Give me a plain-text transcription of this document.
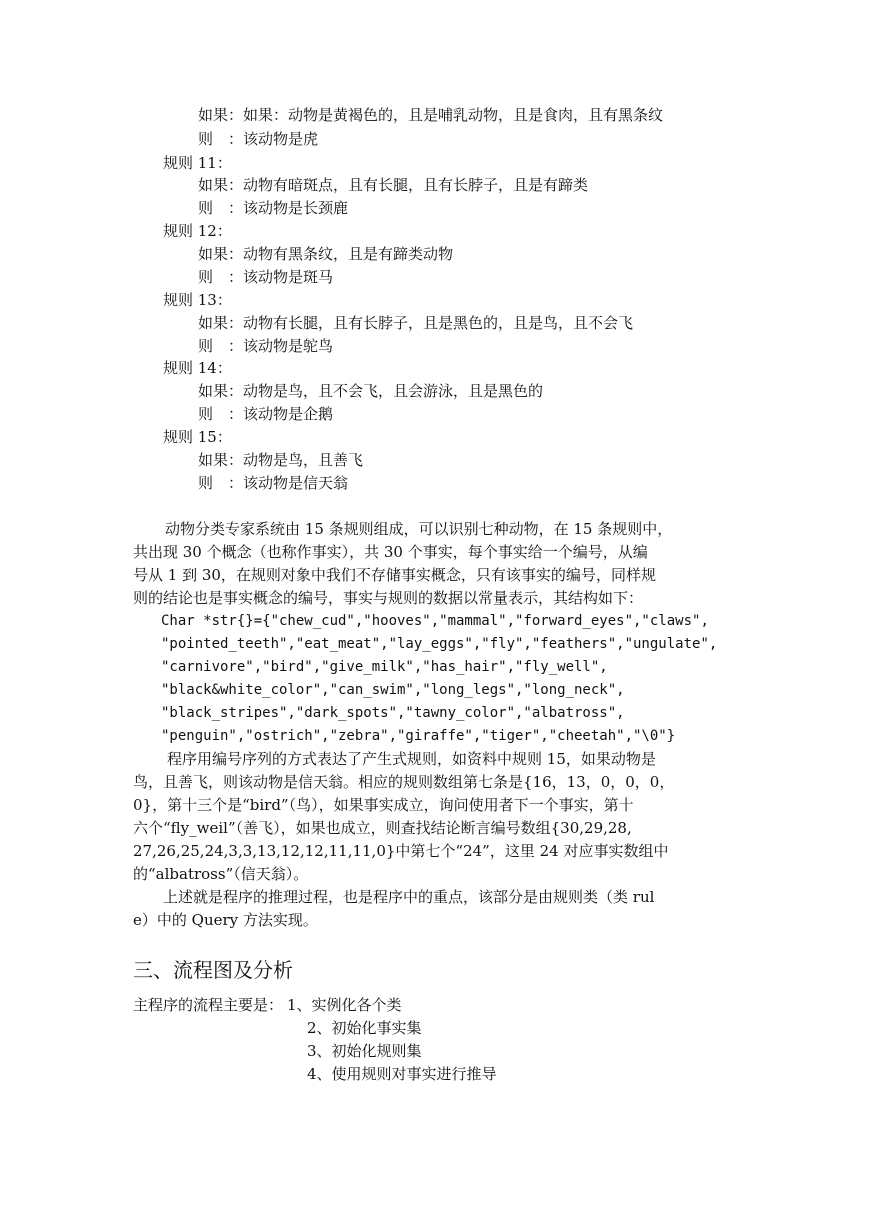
如果：如果：动物是黄褐色的，且是哺乳动物，且是食肉，且有黑条纹
则　：该动物是虎
规则 11：
如果：动物有暗斑点，且有长腿，且有长脖子，且是有蹄类
则　：该动物是长颈鹿
规则 12：
如果：动物有黑条纹，且是有蹄类动物
则　：该动物是斑马
规则 13：
如果：动物有长腿，且有长脖子，且是黑色的，且是鸟，且不会飞
则　：该动物是鸵鸟
规则 14：
如果：动物是鸟，且不会飞，且会游泳，且是黑色的
则　：该动物是企鹅
规则 15：
如果：动物是鸟，且善飞
则　：该动物是信天翁
　动物分类专家系统由 15 条规则组成，可以识别七种动物，在 15 条规则中，
共出现 30 个概念（也称作事实），共 30 个事实，每个事实给一个编号，从编
号从 1 到 30，在规则对象中我们不存储事实概念，只有该事实的编号，同样规
则的结论也是事实概念的编号，事实与规则的数据以常量表示，其结构如下：
Char *str{}={"chew_cud","hooves","mammal","forward_eyes","claws",
"pointed_teeth","eat_meat","lay_eggs","fly","feathers","ungulate",
"carnivore","bird","give_milk","has_hair","fly_well",
"black&white_color","can_swim","long_legs","long_neck",
"black_stripes","dark_spots","tawny_color","albatross",
"penguin","ostrich","zebra","giraffe","tiger","cheetah","\0"}
程序用编号序列的方式表达了产生式规则，如资料中规则 15，如果动物是
鸟，且善飞，则该动物是信天翁。相应的规则数组第七条是{16，13，0，0，0，
0}，第十三个是“bird”（鸟），如果事实成立，询问使用者下一个事实，第十
六个“fly_weil”（善飞），如果也成立，则查找结论断言编号数组{30,29,28,
27,26,25,24,3,3,13,12,12,11,11,0}中第七个“24”，这里 24 对应事实数组中
的“albatross”（信天翁）。
上述就是程序的推理过程，也是程序中的重点，该部分是由规则类（类 rul
e）中的 Query 方法实现。
三、流程图及分析
主程序的流程主要是： 1、实例化各个类
2、初始化事实集
3、初始化规则集
4、使用规则对事实进行推导
